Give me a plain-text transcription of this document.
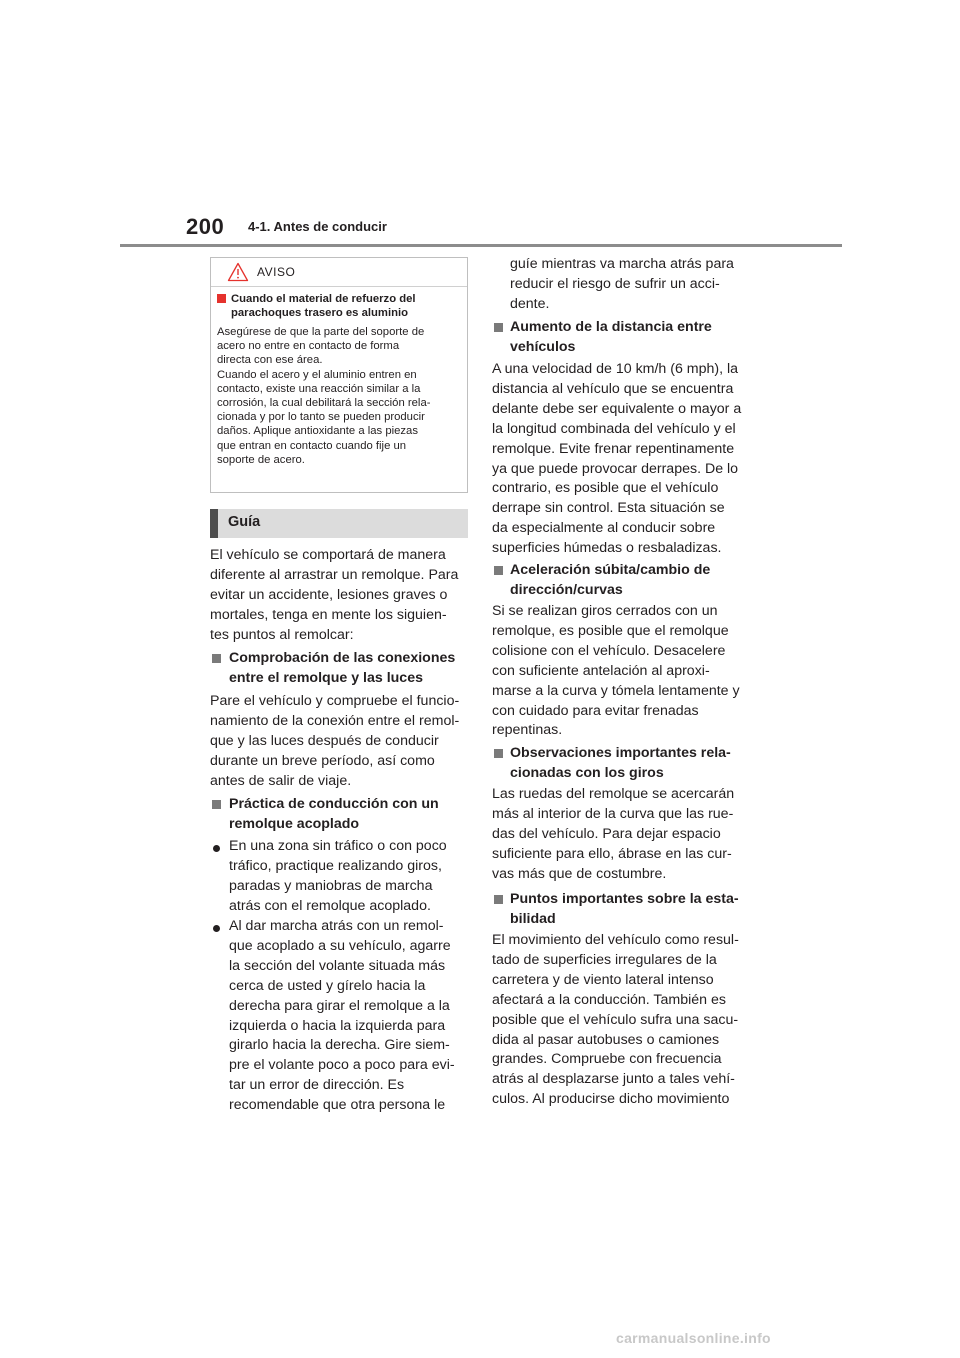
200 4-1. Antes de conducir
AVISO
Cuando el material de refuerzo del parachoques trasero es aluminio
Asegúrese de que la parte del soporte de
acero no entre en contacto de forma
directa con ese área.
Cuando el acero y el aluminio entren en
contacto, existe una reacción similar a la
corrosión, la cual debilitará la sección rela-
cionada y por lo tanto se pueden producir
daños. Aplique antioxidante a las piezas
que entran en contacto cuando fije un
soporte de acero.
Guía
El vehículo se comportará de manera
diferente al arrastrar un remolque. Para
evitar un accidente, lesiones graves o
mortales, tenga en mente los siguien-
tes puntos al remolcar:
Comprobación de las conexiones
entre el remolque y las luces
Pare el vehículo y compruebe el funcio-
namiento de la conexión entre el remol-
que y las luces después de conducir
durante un breve período, así como
antes de salir de viaje.
Práctica de conducción con un
remolque acoplado
En una zona sin tráfico o con poco
tráfico, practique realizando giros,
paradas y maniobras de marcha
atrás con el remolque acoplado.
Al dar marcha atrás con un remol-
que acoplado a su vehículo, agarre
la sección del volante situada más
cerca de usted y gírelo hacia la
derecha para girar el remolque a la
izquierda o hacia la izquierda para
girarlo hacia la derecha. Gire siem-
pre el volante poco a poco para evi-
tar un error de dirección. Es
recomendable que otra persona le
guíe mientras va marcha atrás para
reducir el riesgo de sufrir un acci-
dente.
Aumento de la distancia entre
vehículos
A una velocidad de 10 km/h (6 mph), la
distancia al vehículo que se encuentra
delante debe ser equivalente o mayor a
la longitud combinada del vehículo y el
remolque. Evite frenar repentinamente
ya que puede provocar derrapes. De lo
contrario, es posible que el vehículo
derrape sin control. Esta situación se
da especialmente al conducir sobre
superficies húmedas o resbaladizas.
Aceleración súbita/cambio de
dirección/curvas
Si se realizan giros cerrados con un
remolque, es posible que el remolque
colisione con el vehículo. Desacelere
con suficiente antelación al aproxi-
marse a la curva y tómela lentamente y
con cuidado para evitar frenadas
repentinas.
Observaciones importantes rela-
cionadas con los giros
Las ruedas del remolque se acercarán
más al interior de la curva que las rue-
das del vehículo. Para dejar espacio
suficiente para ello, ábrase en las cur-
vas más que de costumbre.
Puntos importantes sobre la esta-
bilidad
El movimiento del vehículo como resul-
tado de superficies irregulares de la
carretera y de viento lateral intenso
afectará a la conducción. También es
posible que el vehículo sufra una sacu-
dida al pasar autobuses o camiones
grandes. Compruebe con frecuencia
atrás al desplazarse junto a tales vehí-
culos. Al producirse dicho movimiento
carmanualsonline.info
